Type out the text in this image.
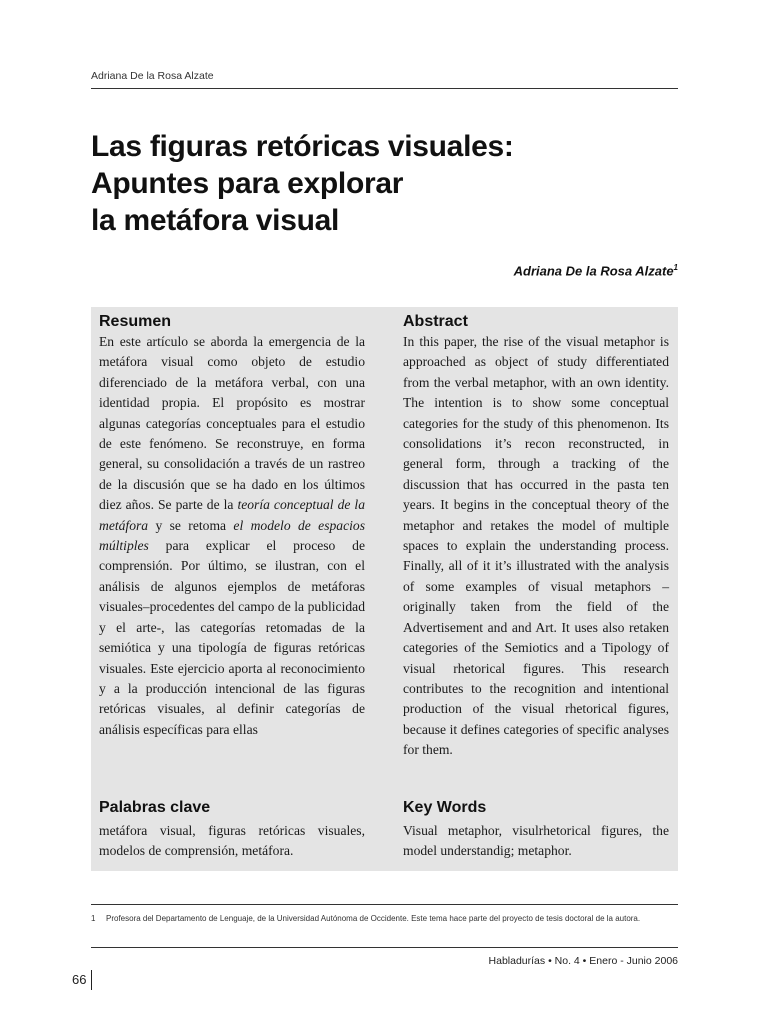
Adriana De la Rosa Alzate
Las figuras retóricas visuales:
Apuntes para explorar
la metáfora visual
Adriana De la Rosa Alzate$^1$
Resumen

En este artículo se aborda la emergencia de la metáfora visual como objeto de estudio diferenciado de la metáfora verbal, con una identidad propia. El propósito es mostrar algunas categorías conceptuales para el estudio de este fenómeno. Se reconstruye, en forma general, su consolidación a través de un rastreo de la discusión que se ha dado en los últimos diez años. Se parte de la teoría conceptual de la metáfora y se retoma el modelo de espacios múltiples para explicar el proceso de comprensión. Por último, se ilustran, con el análisis de algunos ejemplos de metáforas visuales–procedentes del campo de la publicidad y el arte-, las categorías retomadas de la semiótica y una tipología de figuras retóricas visuales. Este ejercicio aporta al reconocimiento y a la producción intencional de las figuras retóricas visuales, al definir categorías de análisis específicas para ellas

Abstract

In this paper, the rise of the visual metaphor is approached as object of study differentiated from the verbal metaphor, with an own identity. The intention is to show some conceptual categories for the study of this phenomenon. Its consolidations it’s recon reconstructed, in general form, through a tracking of the discussion that has occurred in the pasta ten years. It begins in the conceptual theory of the metaphor and retakes the model of multiple spaces to explain the understanding process. Finally, all of it it’s illustrated with the analysis of some examples of visual metaphors – originally taken from the field of the Advertisement and and Art. It uses also retaken categories of the Semiotics and a Tipology of visual rhetorical figures. This research contributes to the recognition and intentional production of the visual rhetorical figures, because it defines categories of specific analyses for them.

Palabras clave

metáfora visual, figuras retóricas visuales, modelos de comprensión, metáfora.

Key Words

Visual metaphor, visulrhetorical figures, the model understandig; metaphor.

1 Profesora del Departamento de Lenguaje, de la Universidad Autónoma de Occidente. Este tema hace parte del proyecto de tesis doctoral de la autora.
Habladurías • No. 4 • Enero - Junio 2006
66
